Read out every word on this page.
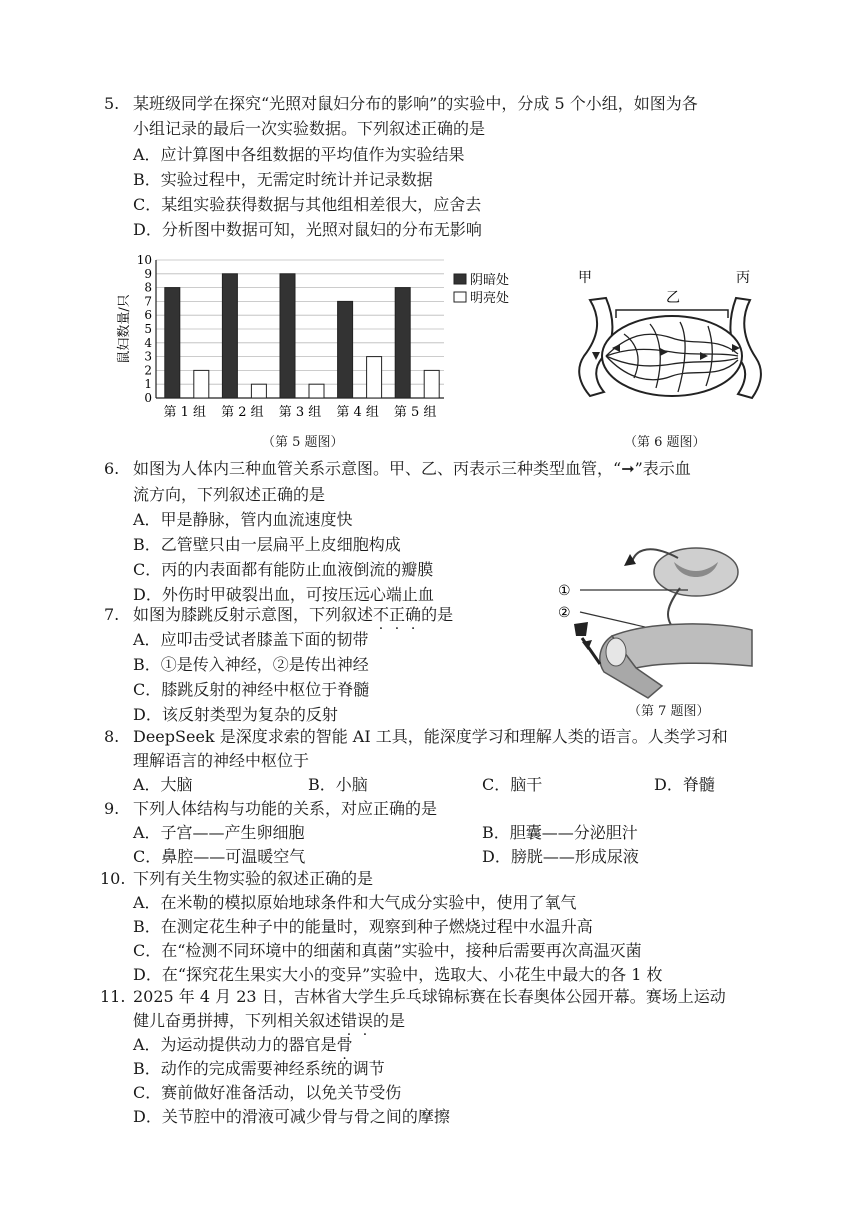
5. 某班级同学在探究“光照对鼠妇分布的影响”的实验中，分成 5 个小组，如图为各
小组记录的最后一次实验数据。下列叙述正确的是
A．应计算图中各组数据的平均值作为实验结果
B．实验过程中，无需定时统计并记录数据
C．某组实验获得数据与其他组相差很大，应舍去
D．分析图中数据可知，光照对鼠妇的分布无影响
鼠妇数量/只
0
1
2
3
4
5
6
7
8
9
10
第 1 组 第 2 组 第 3 组 第 4 组 第 5 组
阴暗处
明亮处
（第 5 题图）
甲
乙
丙
（第 6 题图）
6. 如图为人体内三种血管关系示意图。甲、乙、丙表示三种类型血管，“➞”表示血
流方向，下列叙述正确的是
A．甲是静脉，管内血流速度快
B．乙管壁只由一层扁平上皮细胞构成
C．丙的内表面都有能防止血液倒流的瓣膜
D．外伤时甲破裂出血，可按压远心端止血	①
②
（第 7 题图）
7. 如图为膝跳反射示意图，下列叙述不正确的是
A．应叩击受试者膝盖下面的韧带
B．①是传入神经，②是传出神经
C．膝跳反射的神经中枢位于脊髓
D．该反射类型为复杂的反射
8. DeepSeek 是深度求索的智能 AI 工具，能深度学习和理解人类的语言。人类学习和
理解语言的神经中枢位于
A．大脑	B．小脑	C．脑干	D．脊髓
9. 下列人体结构与功能的关系，对应正确的是
A．子宫——产生卵细胞	B．胆囊——分泌胆汁
C．鼻腔——可温暖空气	D．膀胱——形成尿液
10. 下列有关生物实验的叙述正确的是
A．在米勒的模拟原始地球条件和大气成分实验中，使用了氧气
B．在测定花生种子中的能量时，观察到种子燃烧过程中水温升高
C．在“检测不同环境中的细菌和真菌”实验中，接种后需要再次高温灭菌
D．在“探究花生果实大小的变异”实验中，选取大、小花生中最大的各 1 枚
11. 2025 年 4 月 23 日，吉林省大学生乒乓球锦标赛在长春奥体公园开幕。赛场上运动
健儿奋勇拼搏，下列相关叙述错误的是
A．为运动提供动力的器官是骨
B．动作的完成需要神经系统的调节
C．赛前做好准备活动，以免关节受伤
D．关节腔中的滑液可减少骨与骨之间的摩擦
